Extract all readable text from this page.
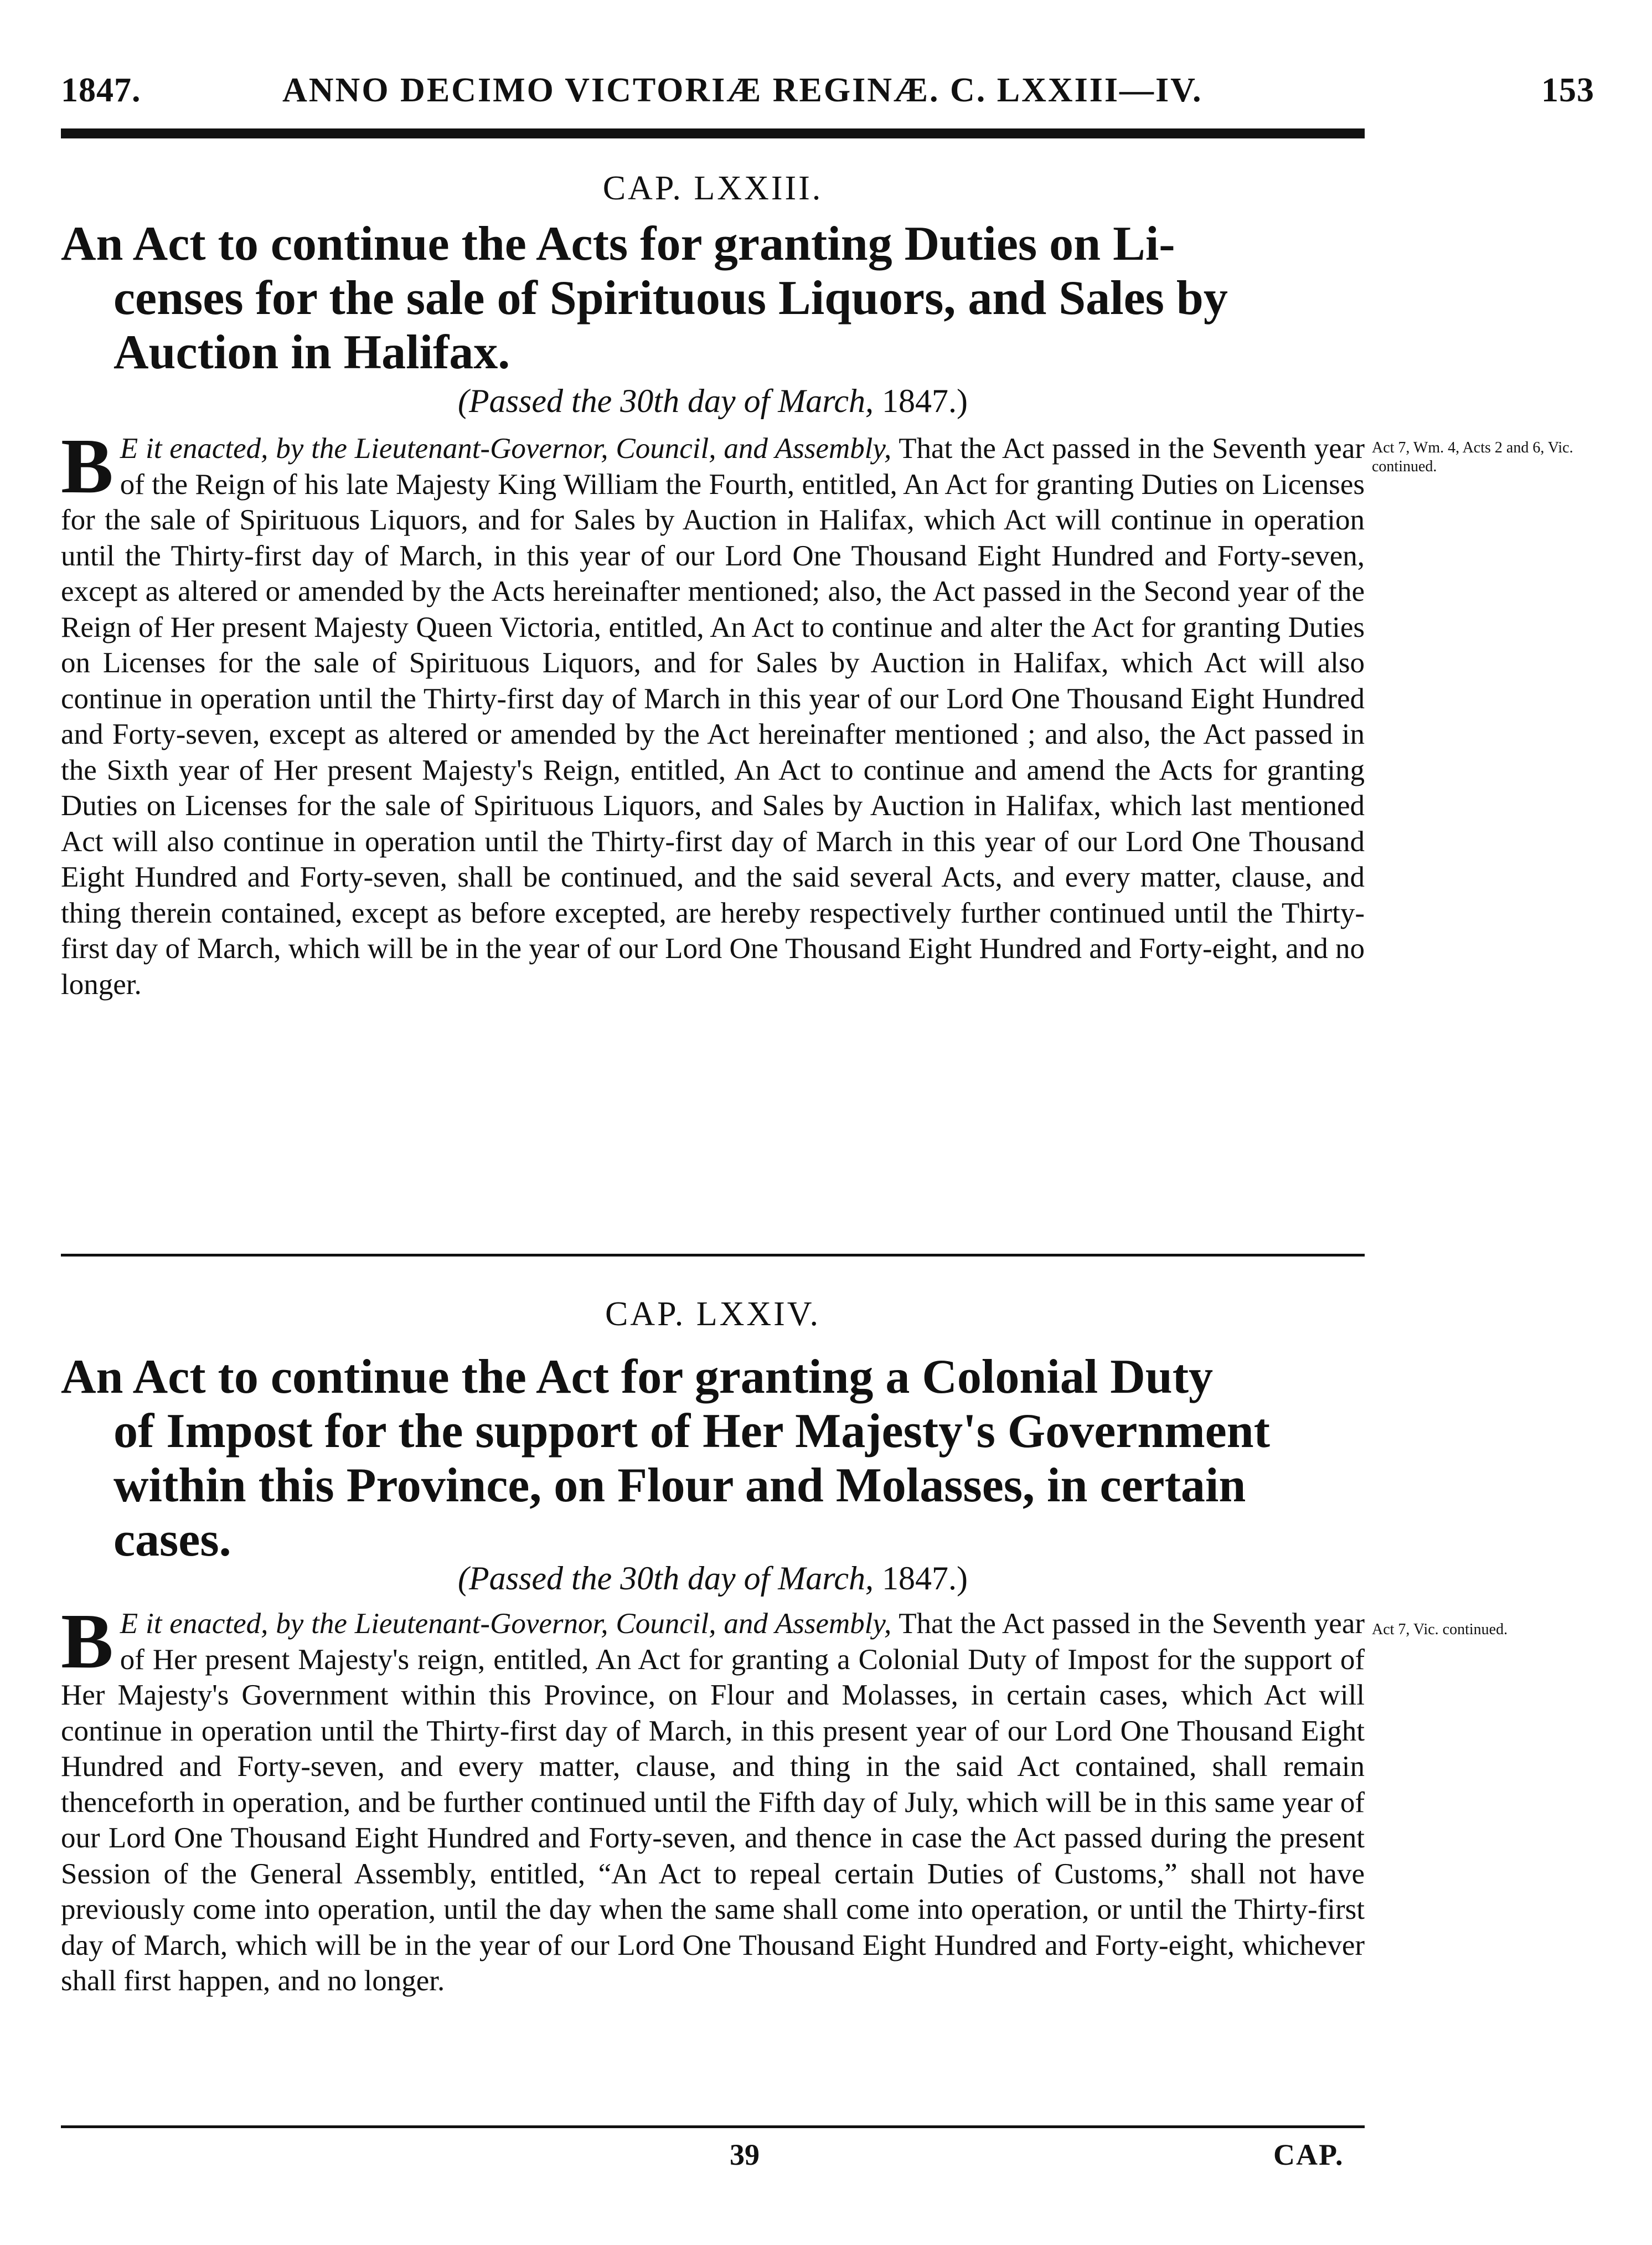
1847.	ANNO DECIMO VICTORIÆ REGINÆ. C. LXXIII—IV.	153
CAP. LXXIII.
An Act to continue the Acts for granting Duties on Li-
censes for the sale of Spirituous Liquors, and Sales by
Auction in Halifax.
(Passed the 30th day of March, 1847.)
B E it enacted, by the Lieutenant-Governor, Council, and Assembly, That the Act passed in the Seventh year of the Reign of his late Majesty King William the Fourth, entitled, An Act for granting Duties on Licenses for the sale of Spirituous Liquors, and for Sales by Auction in Halifax, which Act will continue in operation until the Thirty-first day of March, in this year of our Lord One Thousand Eight Hundred and Forty-seven, except as altered or amended by the Acts hereinafter mentioned; also, the Act passed in the Second year of the Reign of Her present Majesty Queen Victoria, entitled, An Act to continue and alter the Act for granting Duties on Licenses for the sale of Spirituous Liquors, and for Sales by Auction in Halifax, which Act will also continue in operation until the Thirty-first day of March in this year of our Lord One Thousand Eight Hundred and Forty-seven, except as altered or amended by the Act hereinafter mentioned ; and also, the Act passed in the Sixth year of Her present Majesty's Reign, entitled, An Act to continue and amend the Acts for granting Duties on Licenses for the sale of Spirituous Liquors, and Sales by Auction in Halifax, which last mentioned Act will also continue in operation until the Thirty-first day of March in this year of our Lord One Thousand Eight Hundred and Forty-seven, shall be continued, and the said several Acts, and every matter, clause, and thing therein contained, except as before excepted, are hereby respectively further continued until the Thirty-first day of March, which will be in the year of our Lord One Thousand Eight Hundred and Forty-eight, and no longer.
Act 7, Wm. 4, Acts 2 and 6, Vic. continued.
CAP. LXXIV.
An Act to continue the Act for granting a Colonial Duty
of Impost for the support of Her Majesty's Government
within this Province, on Flour and Molasses, in certain
cases.
(Passed the 30th day of March, 1847.)
B E it enacted, by the Lieutenant-Governor, Council, and Assembly, That the Act passed in the Seventh year of Her present Majesty's reign, entitled, An Act for granting a Colonial Duty of Impost for the support of Her Majesty's Government within this Province, on Flour and Molasses, in certain cases, which Act will continue in operation until the Thirty-first day of March, in this present year of our Lord One Thousand Eight Hundred and Forty-seven, and every matter, clause, and thing in the said Act contained, shall remain thenceforth in operation, and be further continued until the Fifth day of July, which will be in this same year of our Lord One Thousand Eight Hundred and Forty-seven, and thence in case the Act passed during the present Session of the General Assembly, entitled, “An Act to repeal certain Duties of Customs,” shall not have previously come into operation, until the day when the same shall come into operation, or until the Thirty-first day of March, which will be in the year of our Lord One Thousand Eight Hundred and Forty-eight, whichever shall first happen, and no longer.
Act 7, Vic. continued.
39	CAP.
